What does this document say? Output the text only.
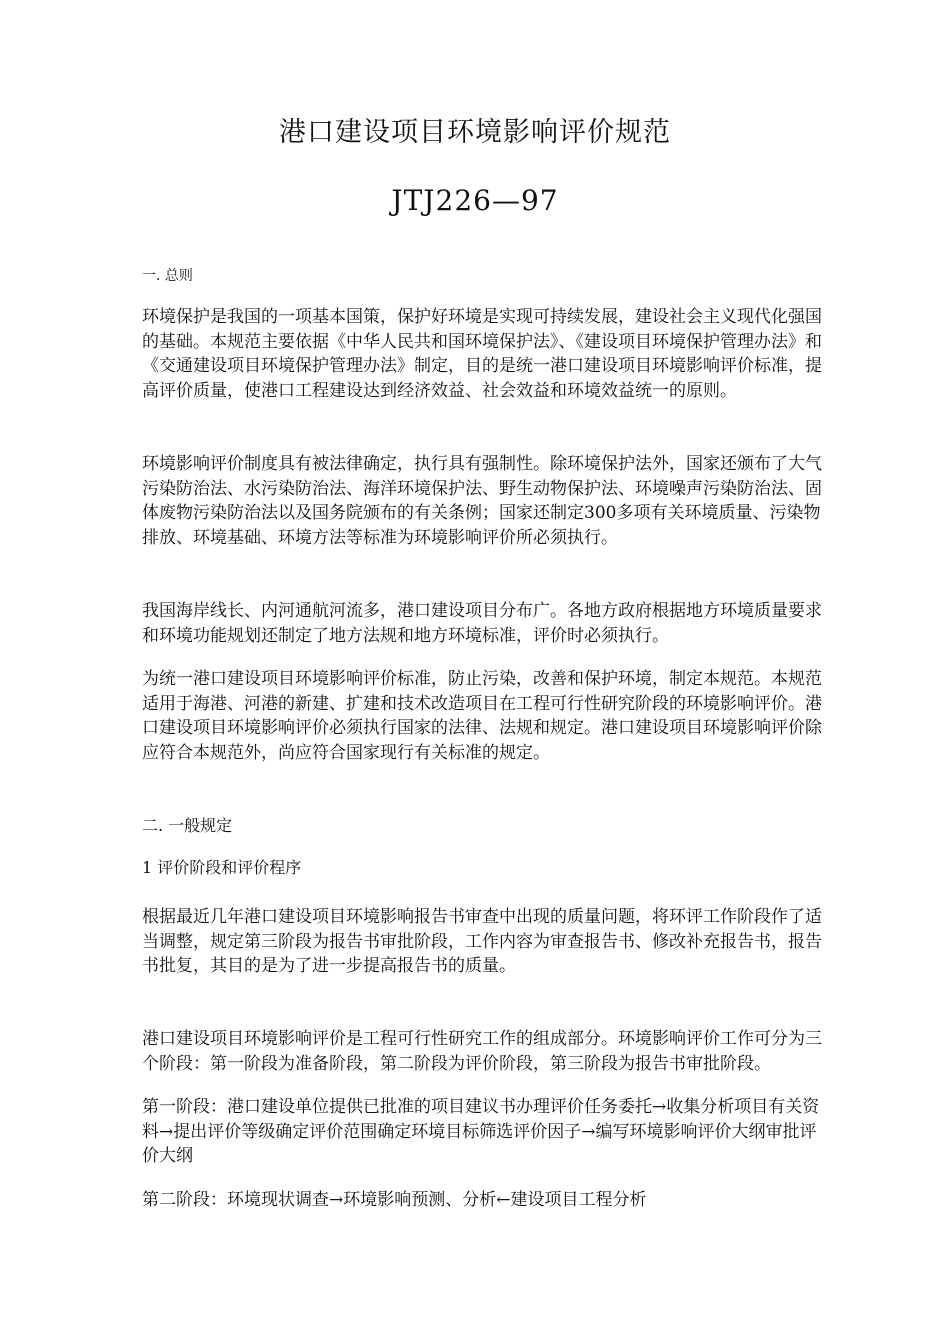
港口建设项目环境影响评价规范
JTJ226—97
一. 总则

环境保护是我国的一项基本国策，保护好环境是实现可持续发展，建设社会主义现代化强国的基础。本规范主要依据《中华人民共和国环境保护法》、《建设项目环境保护管理办法》和《交通建设项目环境保护管理办法》制定，目的是统一港口建设项目环境影响评价标准，提高评价质量，使港口工程建设达到经济效益、社会效益和环境效益统一的原则。

环境影响评价制度具有被法律确定，执行具有强制性。除环境保护法外，国家还颁布了大气污染防治法、水污染防治法、海洋环境保护法、野生动物保护法、环境噪声污染防治法、固体废物污染防治法以及国务院颁布的有关条例；国家还制定300多项有关环境质量、污染物排放、环境基础、环境方法等标准为环境影响评价所必须执行。

我国海岸线长、内河通航河流多，港口建设项目分布广。各地方政府根据地方环境质量要求和环境功能规划还制定了地方法规和地方环境标准，评价时必须执行。

为统一港口建设项目环境影响评价标准，防止污染，改善和保护环境，制定本规范。本规范适用于海港、河港的新建、扩建和技术改造项目在工程可行性研究阶段的环境影响评价。港口建设项目环境影响评价必须执行国家的法律、法规和规定。港口建设项目环境影响评价除应符合本规范外，尚应符合国家现行有关标准的规定。

二. 一般规定
1 评价阶段和评价程序

根据最近几年港口建设项目环境影响报告书审查中出现的质量问题，将环评工作阶段作了适当调整，规定第三阶段为报告书审批阶段，工作内容为审查报告书、修改补充报告书，报告书批复，其目的是为了进一步提高报告书的质量。

港口建设项目环境影响评价是工程可行性研究工作的组成部分。环境影响评价工作可分为三个阶段：第一阶段为准备阶段，第二阶段为评价阶段，第三阶段为报告书审批阶段。

第一阶段：港口建设单位提供已批准的项目建议书办理评价任务委托→收集分析项目有关资料→提出评价等级确定评价范围确定环境目标筛选评价因子→编写环境影响评价大纲审批评价大纲

第二阶段：环境现状调查→环境影响预测、分析←建设项目工程分析
